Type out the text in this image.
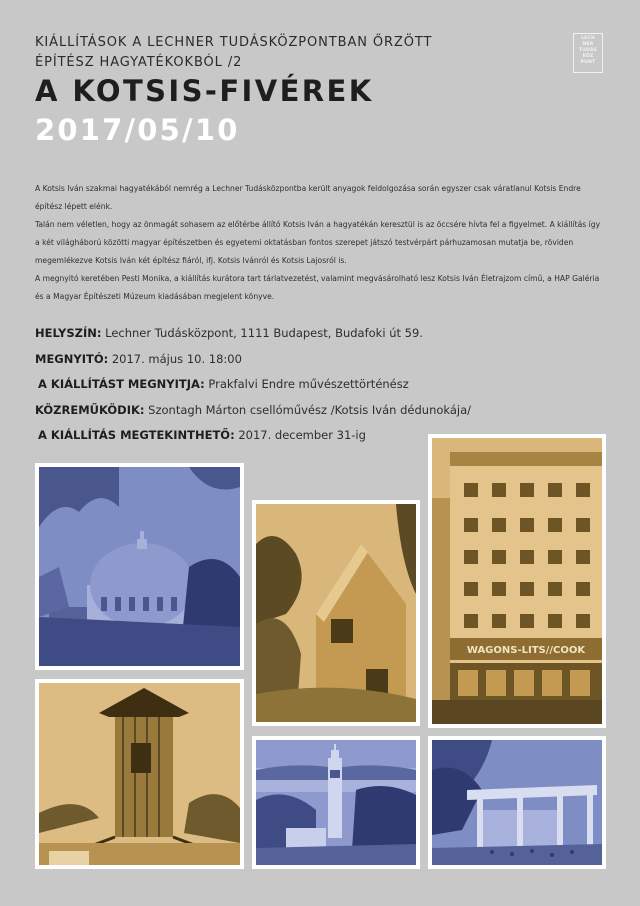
KIÁLLÍTÁSOK A LECHNER TUDÁSKÖZPONTBAN ŐRZÖTT
ÉPÍTÉSZ HAGYATÉKOKBÓL /2
LECH
NER
TUDÁS
KÖZ
PONT
A KOTSIS-FIVÉREK
2017/05/10

A Kotsis Iván szakmai hagyatékából nemrég a Lechner Tudásközpontba került anyagok feldolgozása során egyszer csak váratlanul Kotsis Endre építész lépett elénk.

Talán nem véletlen, hogy az önmagát sohasem az előtérbe állító Kotsis Iván a hagyatékán keresztül is az öccsére hívta fel a figyelmet. A kiállítás így a két világháború közötti magyar építészetben és egyetemi oktatásban fontos szerepet játszó testvérpárt párhuzamosan mutatja be, röviden megemlékezve Kotsis Iván két építész fiáról, ifj. Kotsis Ivánról és Kotsis Lajosról is.

A megnyitó keretében Pesti Monika, a kiállítás kurátora tart tárlatvezetést, valamint megvásárolható lesz Kotsis Iván Életrajzom című, a HAP Galéria és a Magyar Építészeti Múzeum kiadásában megjelent könyve.

HELYSZÍN: Lechner Tudásközpont, 1111 Budapest, Budafoki út 59.
MEGNYITÓ: 2017. május 10. 18:00
A KIÁLLÍTÁST MEGNYITJA: Prakfalvi Endre művészettörténész
KÖZREMŰKÖDIK: Szontagh Márton csellóművész /Kotsis Iván dédunokája/
A KIÁLLÍTÁS MEGTEKINTHETŐ: 2017. december 31-ig
WAGONS-LITS//COOK
